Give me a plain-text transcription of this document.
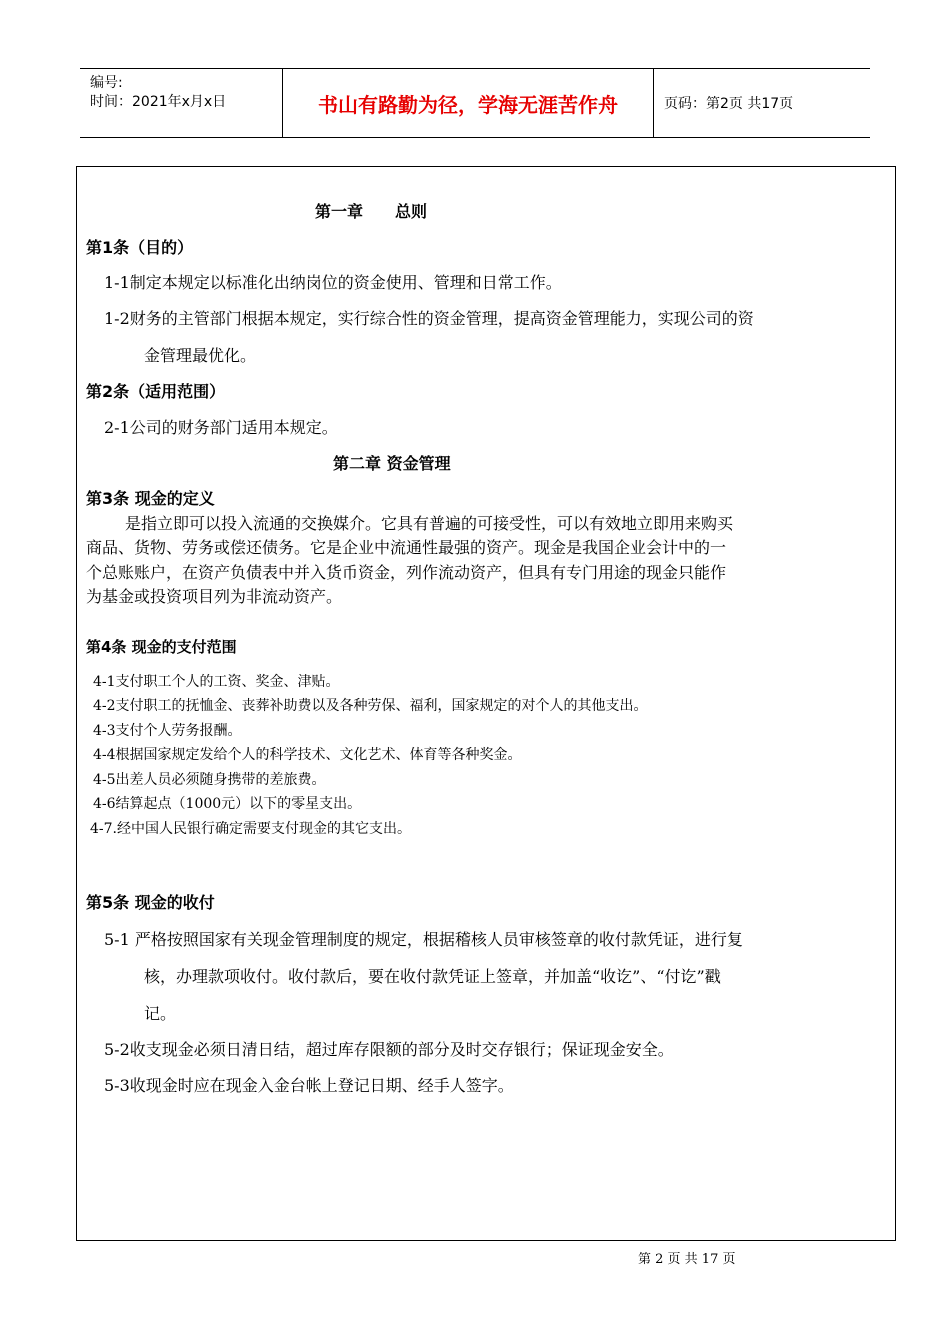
编号:
时间：2021年x月x日	书山有路勤为径，学海无涯苦作舟	页码：第2页 共17页
第一章　　总则
第1条（目的）
1-1制定本规定以标准化出纳岗位的资金使用、管理和日常工作。
1-2财务的主管部门根据本规定，实行综合性的资金管理，提高资金管理能力，实现公司的资
金管理最优化。
第2条（适用范围）
2-1公司的财务部门适用本规定。
第二章 资金管理
第3条 现金的定义
是指立即可以投入流通的交换媒介。它具有普遍的可接受性，可以有效地立即用来购买
商品、货物、劳务或偿还债务。它是企业中流通性最强的资产。现金是我国企业会计中的一
个总账账户，在资产负债表中并入货币资金，列作流动资产，但具有专门用途的现金只能作
为基金或投资项目列为非流动资产。
第4条 现金的支付范围
4-1支付职工个人的工资、奖金、津贴。
4-2支付职工的抚恤金、丧葬补助费以及各种劳保、福利，国家规定的对个人的其他支出。
4-3支付个人劳务报酬。
4-4根据国家规定发给个人的科学技术、文化艺术、体育等各种奖金。
4-5出差人员必须随身携带的差旅费。
4-6结算起点（1000元）以下的零星支出。
4-7.经中国人民银行确定需要支付现金的其它支出。
第5条 现金的收付
5-1 严格按照国家有关现金管理制度的规定，根据稽核人员审核签章的收付款凭证，进行复
核，办理款项收付。收付款后，要在收付款凭证上签章，并加盖“收讫”、“付讫”戳
记。
5-2收支现金必须日清日结，超过库存限额的部分及时交存银行；保证现金安全。
5-3收现金时应在现金入金台帐上登记日期、经手人签字。
第 2 页 共 17 页
